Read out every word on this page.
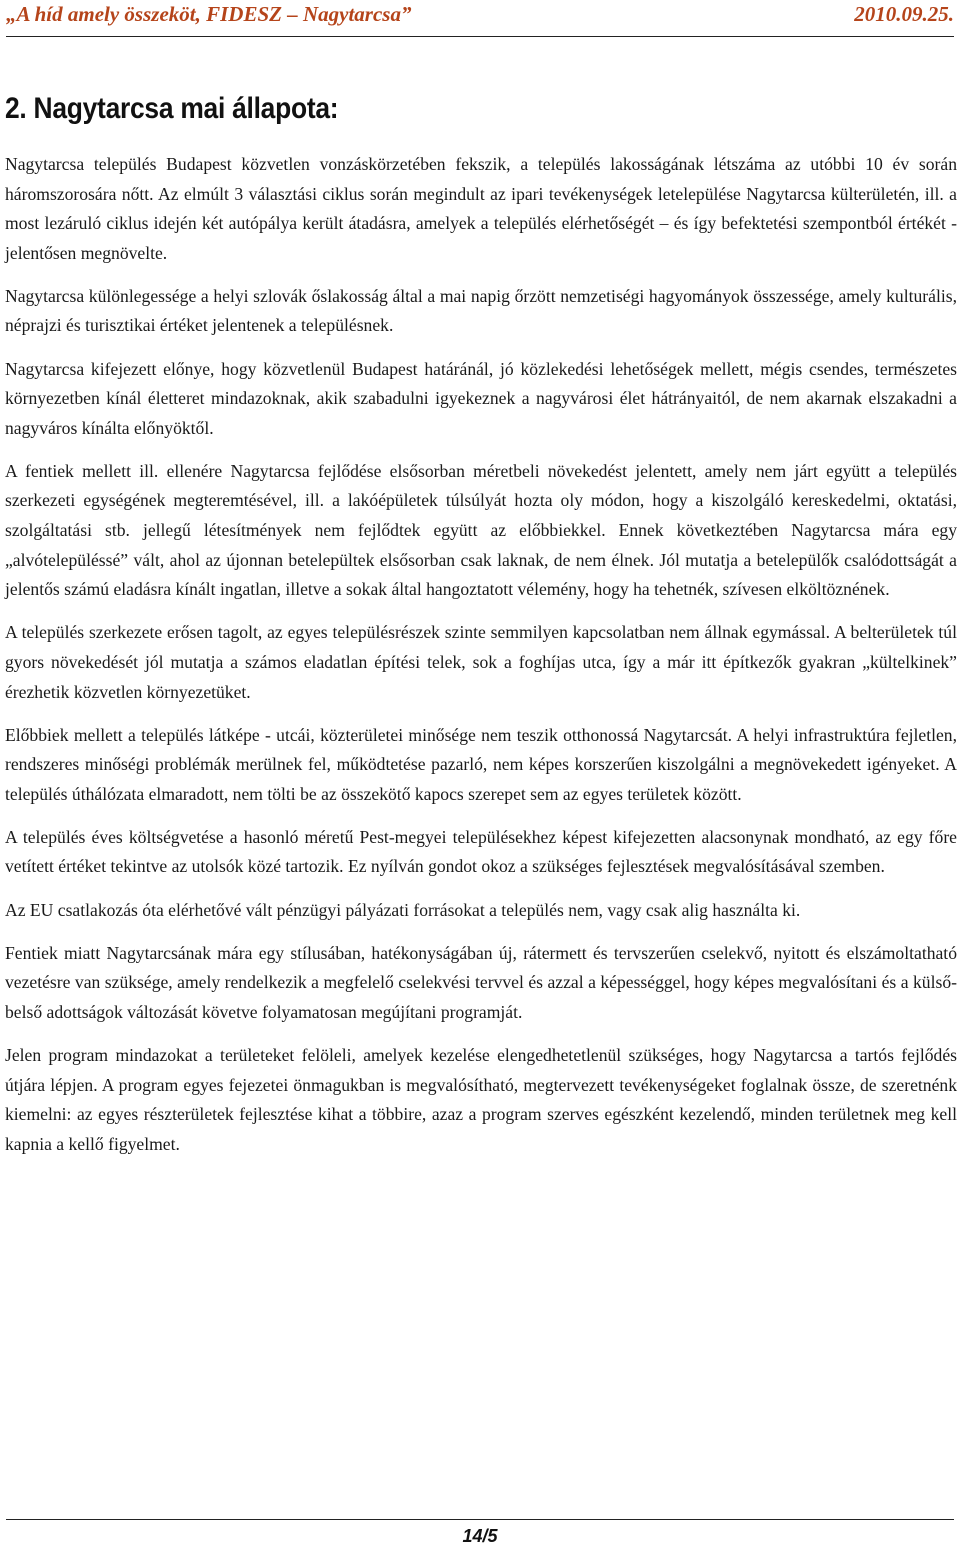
„A híd amely összeköt, FIDESZ – Nagytarcsa”	2010.09.25.
2. Nagytarcsa mai állapota:

Nagytarcsa település Budapest közvetlen vonzáskörzetében fekszik, a település lakosságának létszáma az utóbbi 10 év során háromszorosára nőtt. Az elmúlt 3 választási ciklus során megindult az ipari tevékenységek letelepülése Nagytarcsa külterületén, ill. a most lezáruló ciklus idején két autópálya került átadásra, amelyek a település elérhetőségét – és így befektetési szempontból értékét - jelentősen megnövelte.

Nagytarcsa különlegessége a helyi szlovák őslakosság által a mai napig őrzött nemzetiségi hagyományok összessége, amely kulturális, néprajzi és turisztikai értéket jelentenek a településnek.

Nagytarcsa kifejezett előnye, hogy közvetlenül Budapest határánál, jó közlekedési lehetőségek mellett, mégis csendes, természetes környezetben kínál életteret mindazoknak, akik szabadulni igyekeznek a nagyvárosi élet hátrányaitól, de nem akarnak elszakadni a nagyváros kínálta előnyöktől.

A fentiek mellett ill. ellenére Nagytarcsa fejlődése elsősorban méretbeli növekedést jelentett, amely nem járt együtt a település szerkezeti egységének megteremtésével, ill. a lakóépületek túlsúlyát hozta oly módon, hogy a kiszolgáló kereskedelmi, oktatási, szolgáltatási stb. jellegű létesítmények nem fejlődtek együtt az előbbiekkel. Ennek következtében Nagytarcsa mára egy „alvótelepüléssé” vált, ahol az újonnan betelepültek elsősorban csak laknak, de nem élnek. Jól mutatja a betelepülők csalódottságát a jelentős számú eladásra kínált ingatlan, illetve a sokak által hangoztatott vélemény, hogy ha tehetnék, szívesen elköltöznének.

A település szerkezete erősen tagolt, az egyes településrészek szinte semmilyen kapcsolatban nem állnak egymással. A belterületek túl gyors növekedését jól mutatja a számos eladatlan építési telek, sok a foghíjas utca, így a már itt építkezők gyakran „kültelkinek” érezhetik közvetlen környezetüket.

Előbbiek mellett a település látképe - utcái, közterületei minősége nem teszik otthonossá Nagytarcsát. A helyi infrastruktúra fejletlen, rendszeres minőségi problémák merülnek fel, működtetése pazarló, nem képes korszerűen kiszolgálni a megnövekedett igényeket. A település úthálózata elmaradott, nem tölti be az összekötő kapocs szerepet sem az egyes területek között.

A település éves költségvetése a hasonló méretű Pest-megyei településekhez képest kifejezetten alacsonynak mondható, az egy főre vetített értéket tekintve az utolsók közé tartozik. Ez nyílván gondot okoz a szükséges fejlesztések megvalósításával szemben.

Az EU csatlakozás óta elérhetővé vált pénzügyi pályázati forrásokat a település nem, vagy csak alig használta ki.

Fentiek miatt Nagytarcsának mára egy stílusában, hatékonyságában új, rátermett és tervszerűen cselekvő, nyitott és elszámoltatható vezetésre van szüksége, amely rendelkezik a megfelelő cselekvési tervvel és azzal a képességgel, hogy képes megvalósítani és a külső-belső adottságok változását követve folyamatosan megújítani programját.

Jelen program mindazokat a területeket felöleli, amelyek kezelése elengedhetetlenül szükséges, hogy Nagytarcsa a tartós fejlődés útjára lépjen. A program egyes fejezetei önmagukban is megvalósítható, megtervezett tevékenységeket foglalnak össze, de szeretnénk kiemelni: az egyes részterületek fejlesztése kihat a többire, azaz a program szerves egészként kezelendő, minden területnek meg kell kapnia a kellő figyelmet.

14/5
